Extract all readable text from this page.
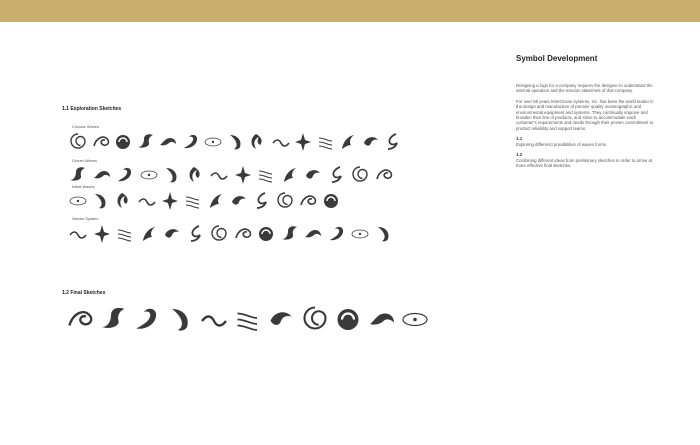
1.1 Exploration Sketches
Circular Waves
Ocean Waves
Initial Waves
Waves System
1.2 Final Sketches
Symbol Development

Designing a logo for a company requires the designer to understand the internal operation and the mission statement of that company.

For over 55 years InterOcean systems, Inc. has been the world leader in the design and manufacture of premier quality oceanographic and environmental equipment and systems. They continually improve and broaden their line of products, and strive to accommodate each customer's requirements and needs through their proven commitment to product reliability and support teams.

1.1
Exploring differenct possibilities of waves forms.
1.2
Combining different ideas from preliminary sketches in order to arrive at more effective final sketches.
